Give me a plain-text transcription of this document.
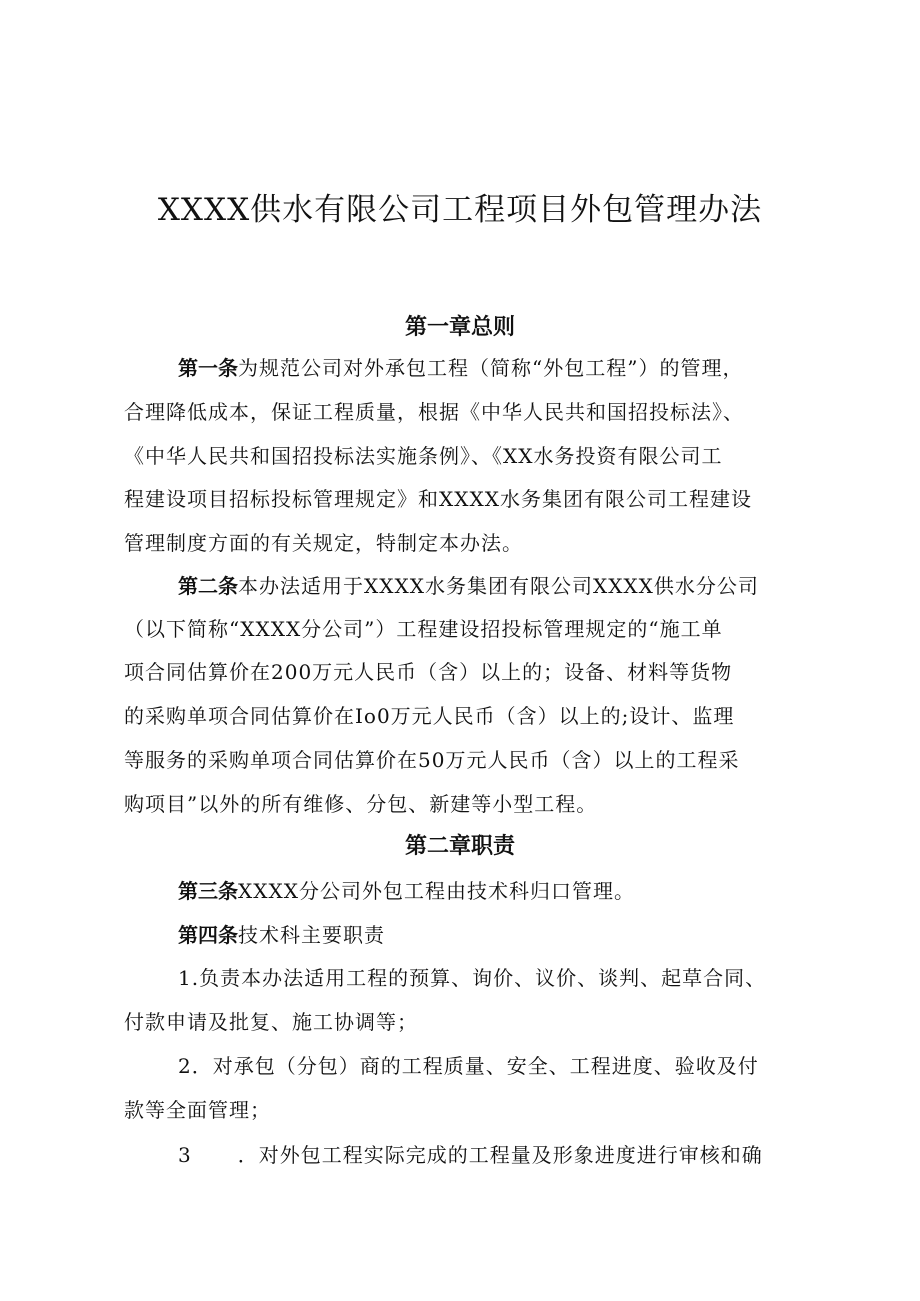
XXXX供水有限公司工程项目外包管理办法
第一章总则
第一条为规范公司对外承包工程（简称“外包工程”）的管理，
合理降低成本，保证工程质量，根据《中华人民共和国招投标法》、
《中华人民共和国招投标法实施条例》、《XX水务投资有限公司工
程建设项目招标投标管理规定》和XXXX水务集团有限公司工程建设
管理制度方面的有关规定，特制定本办法。
第二条本办法适用于XXXX水务集团有限公司XXXX供水分公司
（以下简称“XXXX分公司”）工程建设招投标管理规定的“施工单
项合同估算价在200万元人民币（含）以上的；设备、材料等货物
的采购单项合同估算价在Io0万元人民币（含）以上的;设计、监理
等服务的采购单项合同估算价在50万元人民币（含）以上的工程采
购项目”以外的所有维修、分包、新建等小型工程。
第二章职责
第三条XXXX分公司外包工程由技术科归口管理。
第四条技术科主要职责
1.负责本办法适用工程的预算、询价、议价、谈判、起草合同、
付款申请及批复、施工协调等；
2．对承包（分包）商的工程质量、安全、工程进度、验收及付
款等全面管理；
3 ．对外包工程实际完成的工程量及形象进度进行审核和确
